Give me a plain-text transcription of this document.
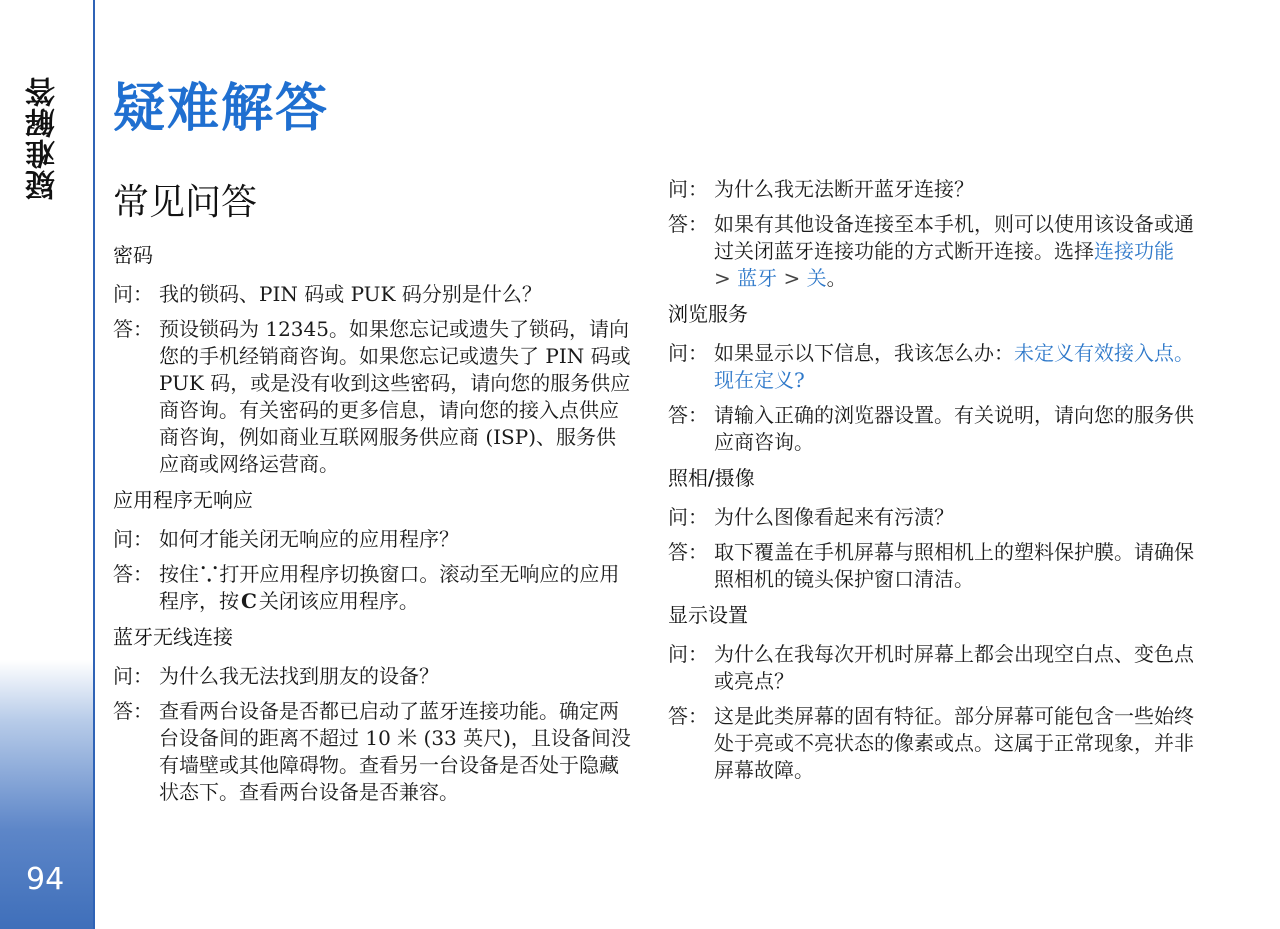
疑难解答
94
疑难解答
常见问答
密码
问： 我的锁码、PIN 码或 PUK 码分别是什么？
答： 预设锁码为 12345。如果您忘记或遗失了锁码，请向您的手机经销商咨询。如果您忘记或遗失了 PIN 码或 PUK 码，或是没有收到这些密码，请向您的服务供应商咨询。有关密码的更多信息，请向您的接入点供应商咨询，例如商业互联网服务供应商 (ISP)、服务供应商或网络运营商。
应用程序无响应
问： 如何才能关闭无响应的应用程序？
答： 按住 ⸪ 打开应用程序切换窗口。滚动至无响应的应用程序，按 C 关闭该应用程序。
蓝牙无线连接
问： 为什么我无法找到朋友的设备？
答： 查看两台设备是否都已启动了蓝牙连接功能。确定两台设备间的距离不超过 10 米 (33 英尺)，且设备间没有墙壁或其他障碍物。查看另一台设备是否处于隐藏状态下。查看两台设备是否兼容。
问： 为什么我无法断开蓝牙连接？
答： 如果有其他设备连接至本手机，则可以使用该设备或通过关闭蓝牙连接功能的方式断开连接。选择连接功能 > 蓝牙 > 关。
浏览服务
问： 如果显示以下信息，我该怎么办：未定义有效接入点。现在定义?
答： 请输入正确的浏览器设置。有关说明，请向您的服务供应商咨询。
照相/摄像
问： 为什么图像看起来有污渍？
答： 取下覆盖在手机屏幕与照相机上的塑料保护膜。请确保照相机的镜头保护窗口清洁。
显示设置
问： 为什么在我每次开机时屏幕上都会出现空白点、变色点或亮点？
答： 这是此类屏幕的固有特征。部分屏幕可能包含一些始终处于亮或不亮状态的像素或点。这属于正常现象，并非屏幕故障。
